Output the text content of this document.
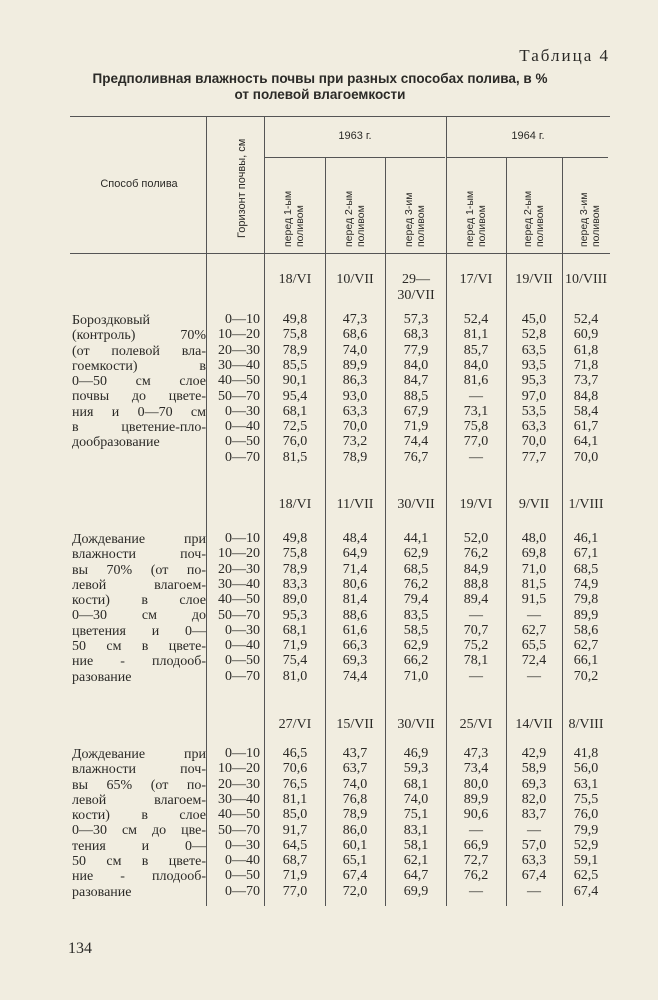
Таблица 4
Предполивная влажность почвы при разных способах полива, в %
от полевой влагоемкости
Способ полива	Горизонт почвы, см
1963 г.	1964 г.
перед 1-ым поливом	перед 2-ым поливом	перед 3-им поливом	перед 1-ым поливом	перед 2-ым поливом	перед 3-им поливом
18/VI	10/VII	29—
30/VII
17/VI	19/VII 10/VIII
Бороздковый
(контроль) 70%
(от полевой вла-
гоемкости) в
0—50 см слое
почвы до цвете-
ния и 0—70 см
в цветение-пло-
дообразование
0—10	49,8	47,3	57,3	52,4	45,0	52,4
10—20	75,8	68,6	68,3	81,1	52,8	60,9
20—30	78,9	74,0	77,9	85,7	63,5	61,8
30—40	85,5	89,9	84,0	84,0	93,5	71,8
40—50	90,1	86,3	84,7	81,6	95,3	73,7
50—70	95,4	93,0	88,5	—	97,0	84,8
0—30	68,1	63,3	67,9	73,1	53,5	58,4
0—40	72,5	70,0	71,9	75,8	63,3	61,7
0—50	76,0	73,2	74,4	77,0	70,0	64,1
0—70	81,5	78,9	76,7	—	77,7	70,0
18/VI	11/VII	30/VII	19/VI	9/VII	1/VIII
Дождевание при
влажности поч-
вы 70% (от по-
левой влагоем-
кости) в слое
0—30 см до
цветения и 0—
50 см в цвете-
ние - плодооб-
разование
0—10	49,8	48,4	44,1	52,0	48,0	46,1
10—20	75,8	64,9	62,9	76,2	69,8	67,1
20—30	78,9	71,4	68,5	84,9	71,0	68,5
30—40	83,3	80,6	76,2	88,8	81,5	74,9
40—50	89,0	81,4	79,4	89,4	91,5	79,8
50—70	95,3	88,6	83,5	—	—	89,9
0—30	68,1	61,6	58,5	70,7	62,7	58,6
0—40	71,9	66,3	62,9	75,2	65,5	62,7
0—50	75,4	69,3	66,2	78,1	72,4	66,1
0—70	81,0	74,4	71,0	—	—	70,2
27/VI	15/VII	30/VII	25/VI	14/VII	8/VIII
Дождевание при
влажности поч-
вы 65% (от по-
левой влагоем-
кости) в слое
0—30 см до цве-
тения и 0—
50 см в цвете-
ние - плодооб-
разование
0—10	46,5	43,7	46,9	47,3	42,9	41,8
10—20	70,6	63,7	59,3	73,4	58,9	56,0
20—30	76,5	74,0	68,1	80,0	69,3	63,1
30—40	81,1	76,8	74,0	89,9	82,0	75,5
40—50	85,0	78,9	75,1	90,6	83,7	76,0
50—70	91,7	86,0	83,1	—	—	79,9
0—30	64,5	60,1	58,1	66,9	57,0	52,9
0—40	68,7	65,1	62,1	72,7	63,3	59,1
0—50	71,9	67,4	64,7	76,2	67,4	62,5
0—70	77,0	72,0	69,9	—	—	67,4
134
